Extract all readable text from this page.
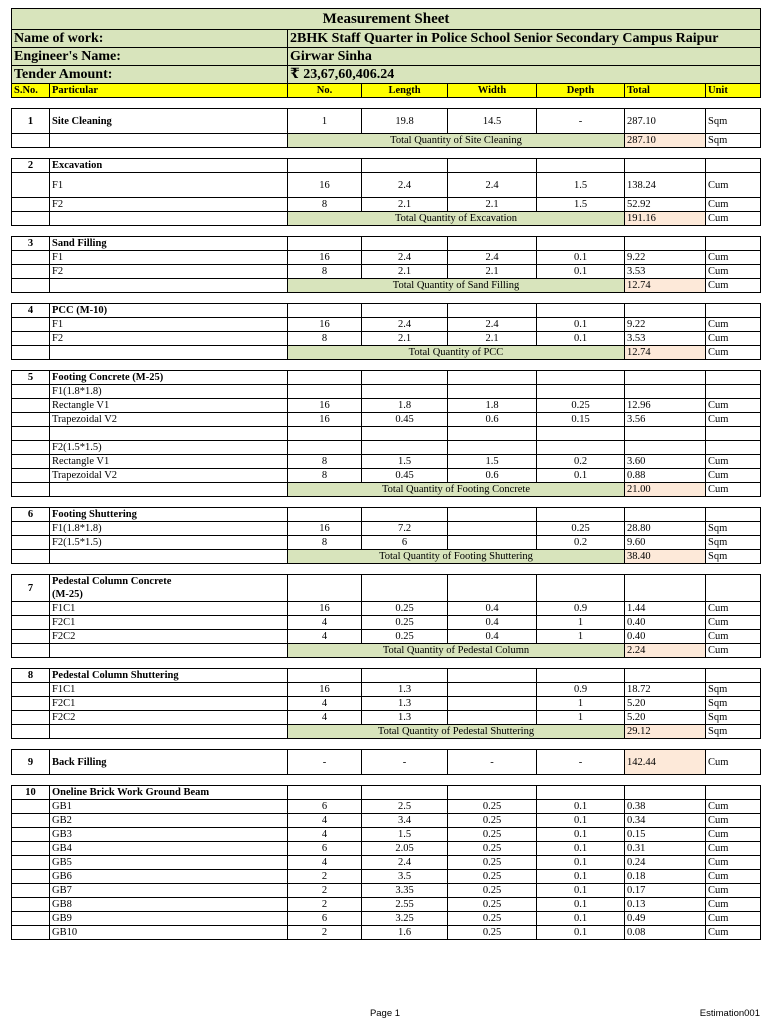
Measurement Sheet							
Name of work:		2BHK Staff Quarter in Police School Senior Secondary Campus Raipur					
Engineer's Name:		Girwar Sinha					
Tender Amount:		₹ 23,67,60,406.24					
S.No.	Particular	No.	Length	Width	Depth	Total	Unit

1	Site Cleaning	1	19.8	14.5	-	287.10	Sqm
		Total Quantity of Site Cleaning				287.10	Sqm

2	Excavation						
	F1	16	2.4	2.4	1.5	138.24	Cum
	F2	8	2.1	2.1	1.5	52.92	Cum
		Total Quantity of Excavation				191.16	Cum

3	Sand Filling						
	F1	16	2.4	2.4	0.1	9.22	Cum
	F2	8	2.1	2.1	0.1	3.53	Cum
		Total Quantity of Sand Filling				12.74	Cum

4	PCC (M-10)						
	F1	16	2.4	2.4	0.1	9.22	Cum
	F2	8	2.1	2.1	0.1	3.53	Cum
		Total Quantity of PCC				12.74	Cum

5	Footing Concrete (M-25)						
	F1(1.8*1.8)						
	Rectangle V1	16	1.8	1.8	0.25	12.96	Cum
	Trapezoidal V2	16	0.45	0.6	0.15	3.56	Cum

	F2(1.5*1.5)						
	Rectangle V1	8	1.5	1.5	0.2	3.60	Cum
	Trapezoidal V2	8	0.45	0.6	0.1	0.88	Cum
		Total Quantity of Footing Concrete				21.00	Cum

6	Footing Shuttering						
	F1(1.8*1.8)	16	7.2		0.25	28.80	Sqm
	F2(1.5*1.5)	8	6		0.2	9.60	Sqm
		Total Quantity of Footing Shuttering				38.40	Sqm

7	Pedestal Column Concrete
(M-25)						
	F1C1	16	0.25	0.4	0.9	1.44	Cum
	F2C1	4	0.25	0.4	1	0.40	Cum
	F2C2	4	0.25	0.4	1	0.40	Cum
		Total Quantity of Pedestal Column				2.24	Cum

8	Pedestal Column Shuttering						
	F1C1	16	1.3		0.9	18.72	Sqm
	F2C1	4	1.3		1	5.20	Sqm
	F2C2	4	1.3		1	5.20	Sqm
		Total Quantity of Pedestal Shuttering				29.12	Sqm

9	Back Filling	-	-	-	-	142.44	Cum

10	Oneline Brick Work Ground Beam						
	GB1	6	2.5	0.25	0.1	0.38	Cum
	GB2	4	3.4	0.25	0.1	0.34	Cum
	GB3	4	1.5	0.25	0.1	0.15	Cum
	GB4	6	2.05	0.25	0.1	0.31	Cum
	GB5	4	2.4	0.25	0.1	0.24	Cum
	GB6	2	3.5	0.25	0.1	0.18	Cum
	GB7	2	3.35	0.25	0.1	0.17	Cum
	GB8	2	2.55	0.25	0.1	0.13	Cum
	GB9	6	3.25	0.25	0.1	0.49	Cum
	GB10	2	1.6	0.25	0.1	0.08	Cum
Page 1	Estimation001
